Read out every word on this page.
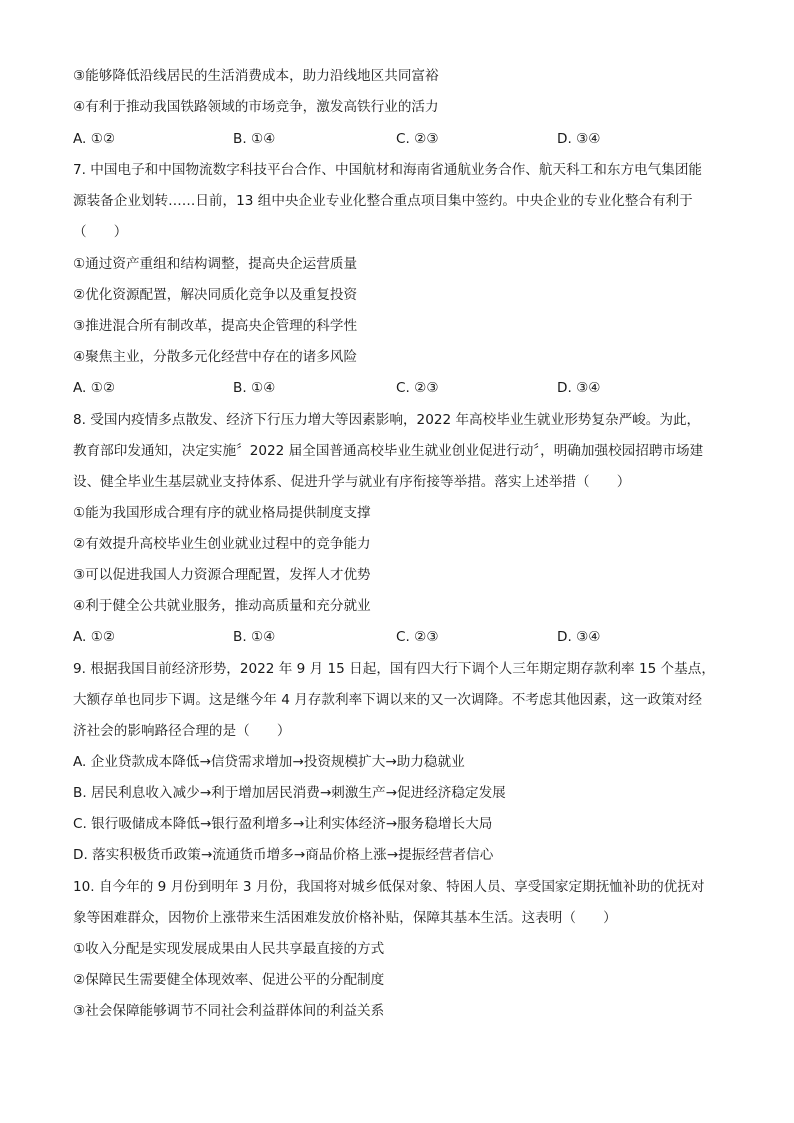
③能够降低沿线居民的生活消费成本，助力沿线地区共同富裕
④有利于推动我国铁路领域的市场竞争，激发高铁行业的活力
A. ①②	B. ①④	C. ②③	D. ③④
7. 中国电子和中国物流数字科技平台合作、中国航材和海南省通航业务合作、航天科工和东方电气集团能
源装备企业划转……日前，13 组中央企业专业化整合重点项目集中签约。中央企业的专业化整合有利于
（　　）
①通过资产重组和结构调整，提高央企运营质量
②优化资源配置，解决同质化竞争以及重复投资
③推进混合所有制改革，提高央企管理的科学性
④聚焦主业，分散多元化经营中存在的诸多风险
A. ①②	B. ①④	C. ②③	D. ③④
8. 受国内疫情多点散发、经济下行压力增大等因素影响，2022 年高校毕业生就业形势复杂严峻。为此，
教育部印发通知，决定实施〞2022 届全国普通高校毕业生就业创业促进行动〞，明确加强校园招聘市场建
设、健全毕业生基层就业支持体系、促进升学与就业有序衔接等举措。落实上述举措（　　）
①能为我国形成合理有序的就业格局提供制度支撑
②有效提升高校毕业生创业就业过程中的竞争能力
③可以促进我国人力资源合理配置，发挥人才优势
④利于健全公共就业服务，推动高质量和充分就业
A. ①②	B. ①④	C. ②③	D. ③④
9. 根据我国目前经济形势，2022 年 9 月 15 日起，国有四大行下调个人三年期定期存款利率 15 个基点，
大额存单也同步下调。这是继今年 4 月存款利率下调以来的又一次调降。不考虑其他因素，这一政策对经
济社会的影响路径合理的是（　　）
A. 企业贷款成本降低→信贷需求增加→投资规模扩大→助力稳就业
B. 居民利息收入减少→利于增加居民消费→刺激生产→促进经济稳定发展
C. 银行吸储成本降低→银行盈利增多→让利实体经济→服务稳增长大局
D. 落实积极货币政策→流通货币增多→商品价格上涨→提振经营者信心
10. 自今年的 9 月份到明年 3 月份，我国将对城乡低保对象、特困人员、享受国家定期抚恤补助的优抚对
象等困难群众，因物价上涨带来生活困难发放价格补贴，保障其基本生活。这表明（　　）
①收入分配是实现发展成果由人民共享最直接的方式
②保障民生需要健全体现效率、促进公平的分配制度
③社会保障能够调节不同社会利益群体间的利益关系
